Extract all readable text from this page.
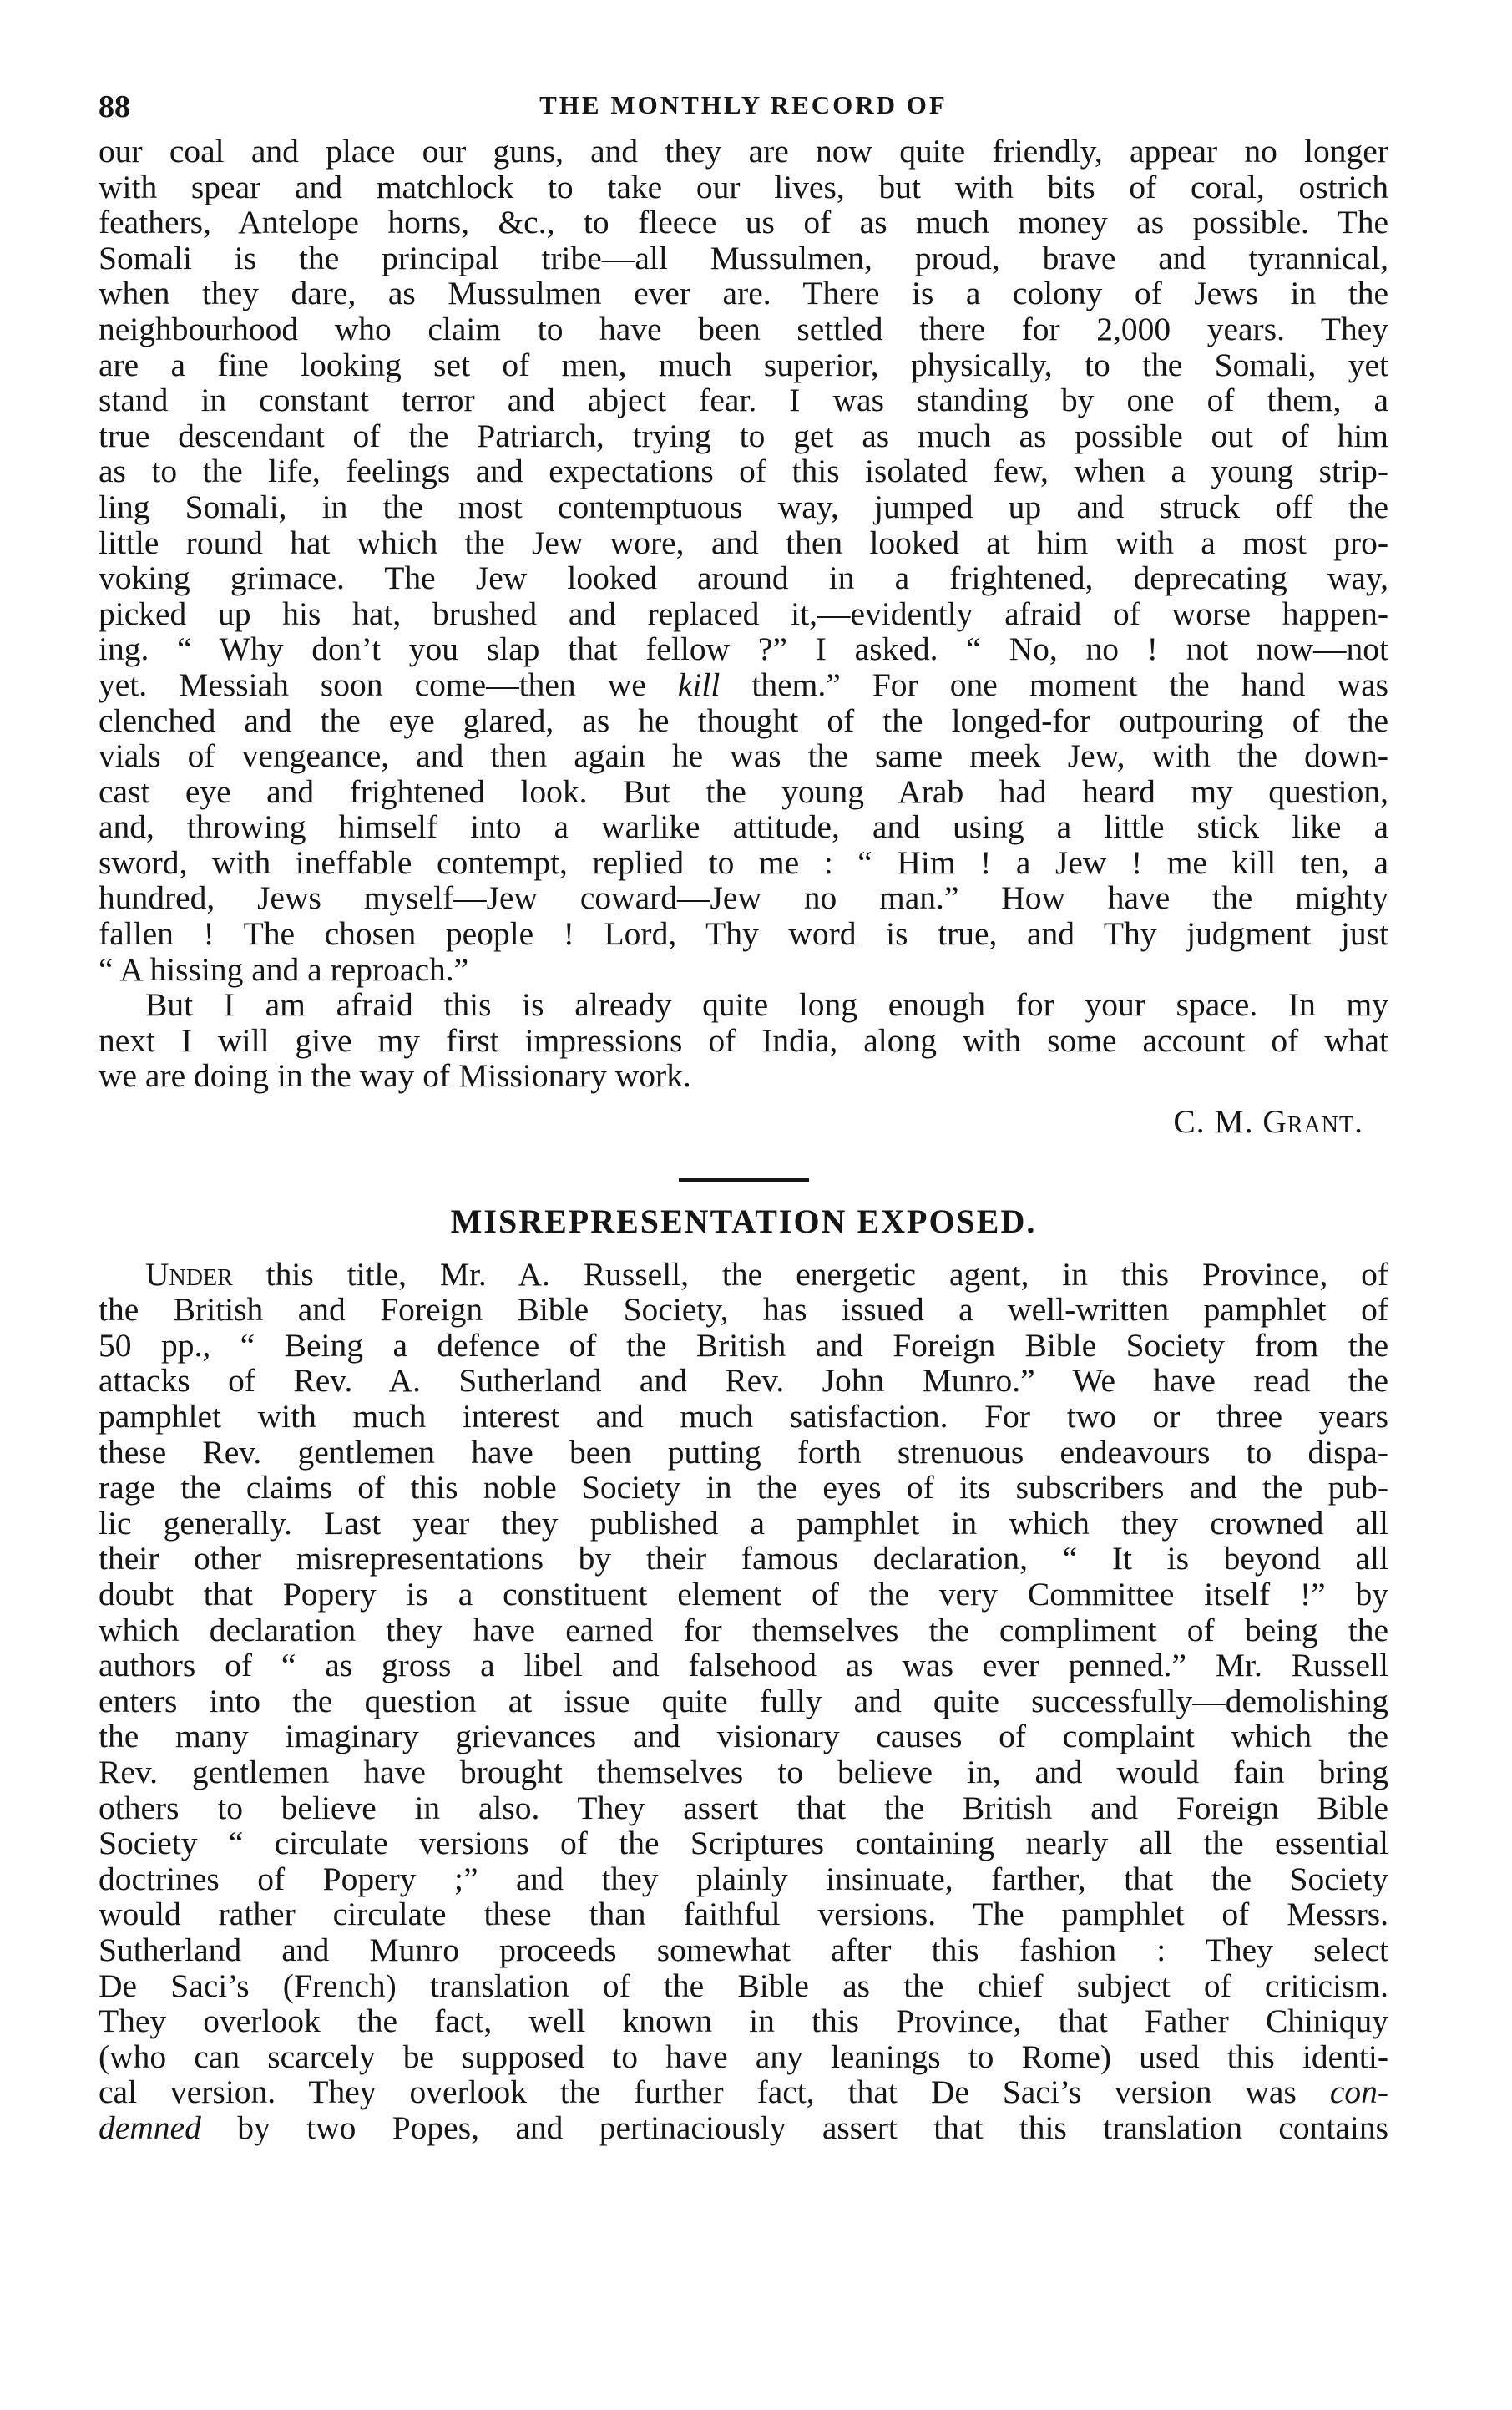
88	THE MONTHLY RECORD OF
our coal and place our guns, and they are now quite friendly, appear no longer
with spear and matchlock to take our lives, but with bits of coral, ostrich
feathers, Antelope horns, &c., to fleece us of as much money as possible. The
Somali is the principal tribe—all Mussulmen, proud, brave and tyrannical,
when they dare, as Mussulmen ever are. There is a colony of Jews in the
neighbourhood who claim to have been settled there for 2,000 years. They
are a fine looking set of men, much superior, physically, to the Somali, yet
stand in constant terror and abject fear. I was standing by one of them, a
true descendant of the Patriarch, trying to get as much as possible out of him
as to the life, feelings and expectations of this isolated few, when a young strip-
ling Somali, in the most contemptuous way, jumped up and struck off the
little round hat which the Jew wore, and then looked at him with a most pro-
voking grimace. The Jew looked around in a frightened, deprecating way,
picked up his hat, brushed and replaced it,—evidently afraid of worse happen-
ing. “ Why don’t you slap that fellow ?” I asked. “ No, no ! not now—not
yet. Messiah soon come—then we kill them.” For one moment the hand was
clenched and the eye glared, as he thought of the longed-for outpouring of the
vials of vengeance, and then again he was the same meek Jew, with the down-
cast eye and frightened look. But the young Arab had heard my question,
and, throwing himself into a warlike attitude, and using a little stick like a
sword, with ineffable contempt, replied to me : “ Him ! a Jew ! me kill ten, a
hundred, Jews myself—Jew coward—Jew no man.” How have the mighty
fallen ! The chosen people ! Lord, Thy word is true, and Thy judgment just
“ A hissing and a reproach.”
But I am afraid this is already quite long enough for your space. In my
next I will give my first impressions of India, along with some account of what
we are doing in the way of Missionary work.
C. M. Grant.
MISREPRESENTATION EXPOSED.
Under this title, Mr. A. Russell, the energetic agent, in this Province, of
the British and Foreign Bible Society, has issued a well-written pamphlet of
50 pp., “ Being a defence of the British and Foreign Bible Society from the
attacks of Rev. A. Sutherland and Rev. John Munro.” We have read the
pamphlet with much interest and much satisfaction. For two or three years
these Rev. gentlemen have been putting forth strenuous endeavours to dispa-
rage the claims of this noble Society in the eyes of its subscribers and the pub-
lic generally. Last year they published a pamphlet in which they crowned all
their other misrepresentations by their famous declaration, “ It is beyond all
doubt that Popery is a constituent element of the very Committee itself !” by
which declaration they have earned for themselves the compliment of being the
authors of “ as gross a libel and falsehood as was ever penned.” Mr. Russell
enters into the question at issue quite fully and quite successfully—demolishing
the many imaginary grievances and visionary causes of complaint which the
Rev. gentlemen have brought themselves to believe in, and would fain bring
others to believe in also. They assert that the British and Foreign Bible
Society “ circulate versions of the Scriptures containing nearly all the essential
doctrines of Popery ;” and they plainly insinuate, farther, that the Society
would rather circulate these than faithful versions. The pamphlet of Messrs.
Sutherland and Munro proceeds somewhat after this fashion : They select
De Saci’s (French) translation of the Bible as the chief subject of criticism.
They overlook the fact, well known in this Province, that Father Chiniquy
(who can scarcely be supposed to have any leanings to Rome) used this identi-
cal version. They overlook the further fact, that De Saci’s version was con-
demned by two Popes, and pertinaciously assert that this translation contains
